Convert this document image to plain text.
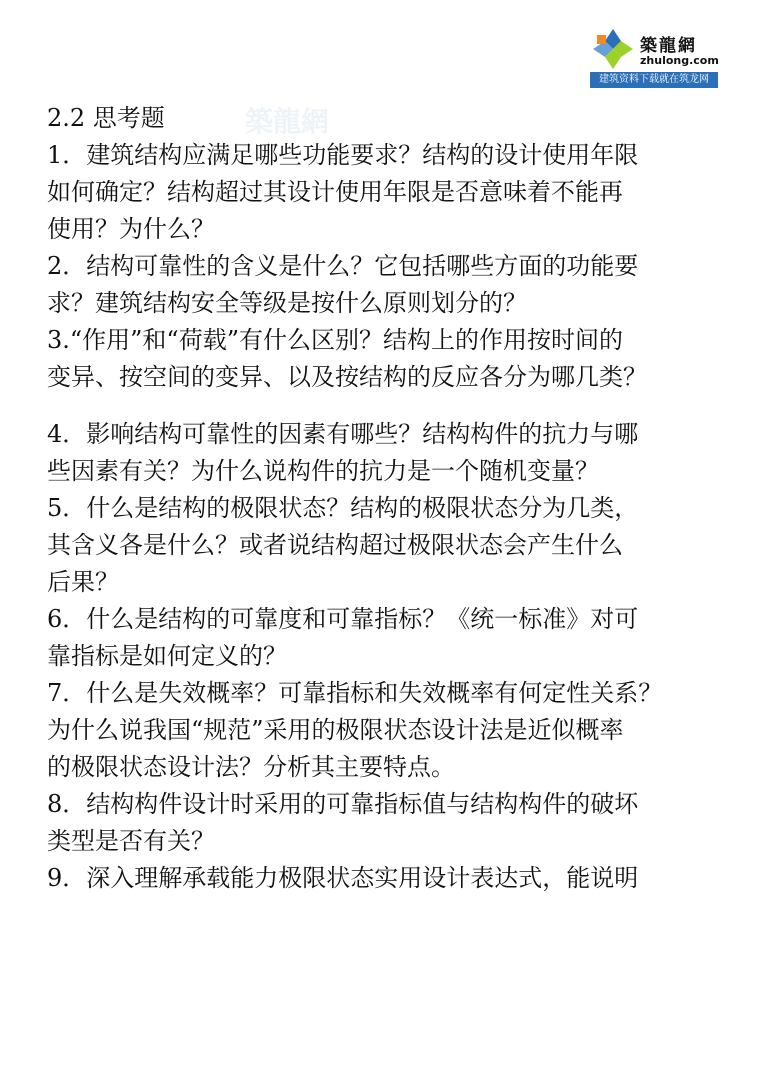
築龍網
築龍網
zhulong.com
建筑资料下载就在筑龙网
2.2 思考题
1．建筑结构应满足哪些功能要求？结构的设计使用年限
如何确定？结构超过其设计使用年限是否意味着不能再
使用？为什么？
2．结构可靠性的含义是什么？它包括哪些方面的功能要
求？建筑结构安全等级是按什么原则划分的？
3.“作用”和“荷载”有什么区别？结构上的作用按时间的
变异、按空间的变异、以及按结构的反应各分为哪几类？
4．影响结构可靠性的因素有哪些？结构构件的抗力与哪
些因素有关？为什么说构件的抗力是一个随机变量？
5．什么是结构的极限状态？结构的极限状态分为几类，
其含义各是什么？或者说结构超过极限状态会产生什么
后果？
6．什么是结构的可靠度和可靠指标？《统一标准》对可
靠指标是如何定义的？
7．什么是失效概率？可靠指标和失效概率有何定性关系？
为什么说我国“规范”采用的极限状态设计法是近似概率
的极限状态设计法？分析其主要特点。
8．结构构件设计时采用的可靠指标值与结构构件的破坏
类型是否有关？
9．深入理解承载能力极限状态实用设计表达式，能说明
